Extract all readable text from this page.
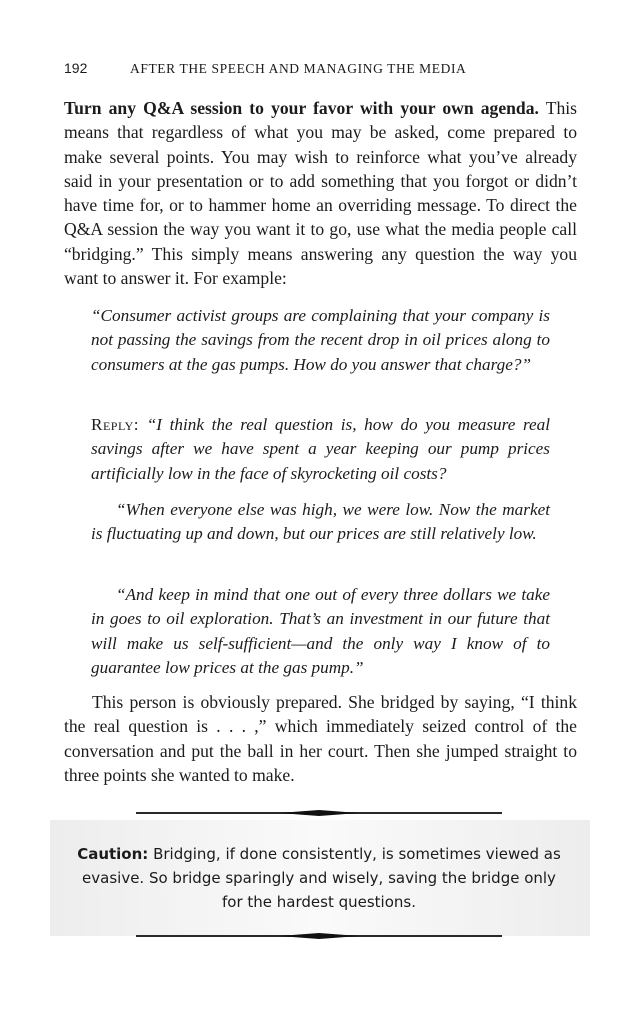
192	AFTER THE SPEECH AND MANAGING THE MEDIA

Turn any Q&A session to your favor with your own agenda. This means that regardless of what you may be asked, come prepared to make several points. You may wish to reinforce what you’ve already said in your presentation or to add something that you forgot or didn’t have time for, or to hammer home an overriding message. To direct the Q&A session the way you want it to go, use what the media people call “bridging.” This simply means answering any question the way you want to answer it. For example:

“Consumer activist groups are complaining that your company is not passing the savings from the recent drop in oil prices along to consumers at the gas pumps. How do you answer that charge?”

Reply: “I think the real question is, how do you measure real savings after we have spent a year keeping our pump prices artificially low in the face of skyrocketing oil costs?

“When everyone else was high, we were low. Now the market is fluctuating up and down, but our prices are still relatively low.

“And keep in mind that one out of every three dollars we take in goes to oil exploration. That’s an investment in our future that will make us self-sufficient—and the only way I know of to guarantee low prices at the gas pump.”

This person is obviously prepared. She bridged by saying, “I think the real question is . . . ,” which immediately seized control of the conversation and put the ball in her court. Then she jumped straight to three points she wanted to make.

Caution: Bridging, if done consistently, is sometimes viewed as evasive. So bridge sparingly and wisely, saving the bridge only for the hardest questions.
